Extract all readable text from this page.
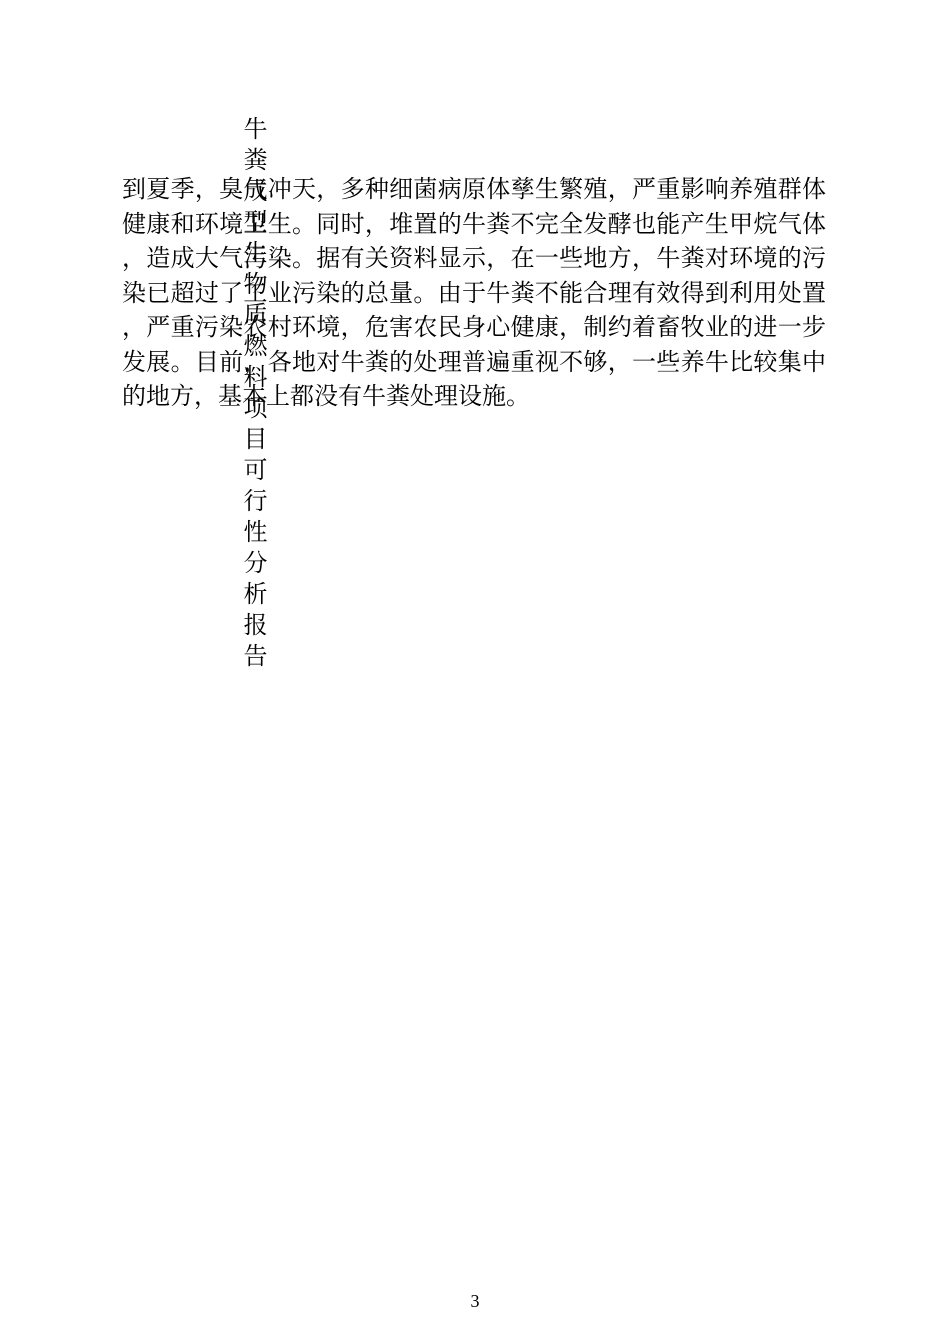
到夏季，臭气冲天，多种细菌病原体孳生繁殖，严重影响养殖群体健康和环境卫生。同时，堆置的牛粪不完全发酵也能产生甲烷气体，造成大气污染。据有关资料显示，在一些地方，牛粪对环境的污染已超过了工业污染的总量。由于牛粪不能合理有效得到利用处置，严重污染农村环境，危害农民身心健康，制约着畜牧业的进一步发展。目前，各地对牛粪的处理普遍重视不够，一些养牛比较集中的地方，基本上都没有牛粪处理设施。

牛粪成型生物质燃料项目可行性分析报告
3
